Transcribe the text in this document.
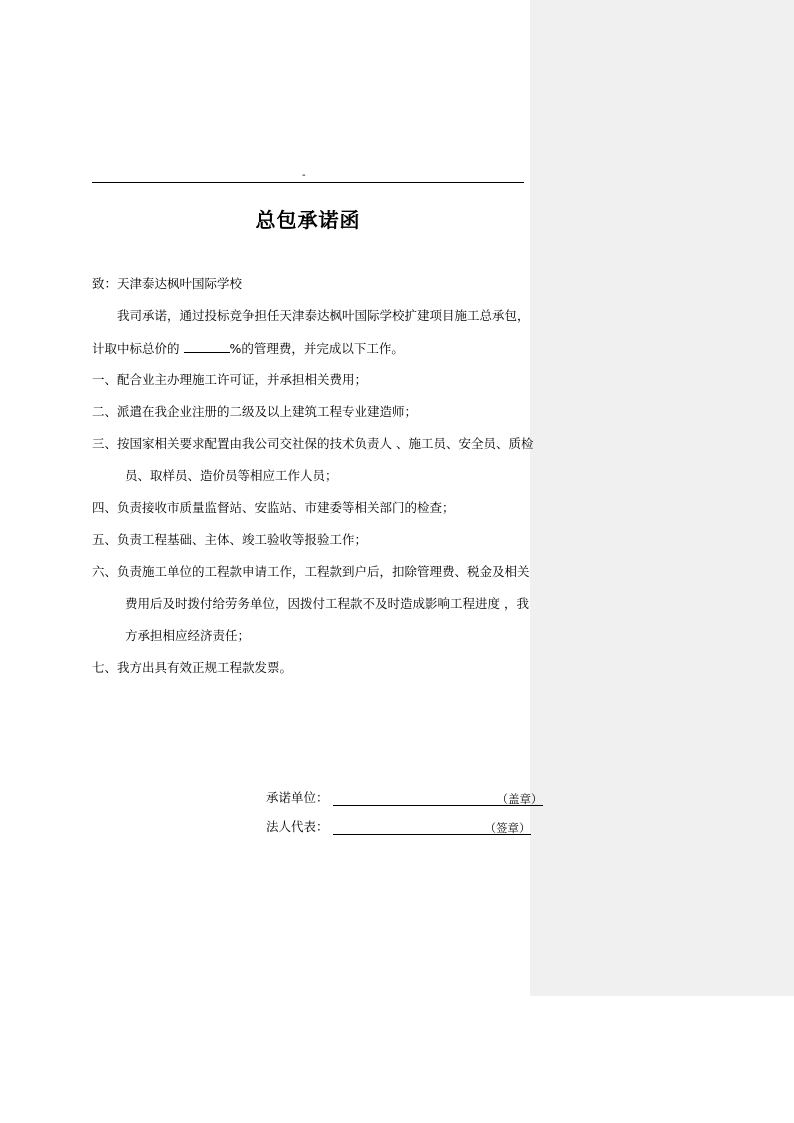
-
总包承诺函
致：天津泰达枫叶国际学校
我司承诺，通过投标竞争担任天津泰达枫叶国际学校扩建项目施工总承包，
计取中标总价的	%的管理费，并完成以下工作。
一、配合业主办理施工许可证，并承担相关费用；
二、派遣在我企业注册的二级及以上建筑工程专业建造师；
三、按国家相关要求配置由我公司交社保的技术负责人 、施工员、安全员、质检
员、取样员、造价员等相应工作人员；
四、负责接收市质量监督站、安监站、市建委等相关部门的检查；
五、负责工程基础、主体、竣工验收等报验工作；
六、负责施工单位的工程款申请工作，工程款到户后，扣除管理费、税金及相关
费用后及时拨付给劳务单位，因拨付工程款不及时造成影响工程进度 ，我
方承担相应经济责任；
七、我方出具有效正规工程款发票。
承诺单位：	（盖章）
法人代表：	（签章）
